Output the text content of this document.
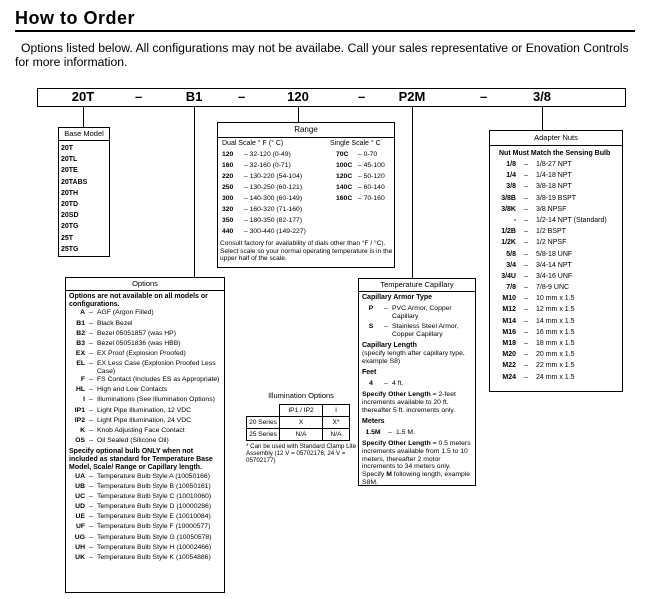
How to Order
Options listed below. All configurations may not be availabe. Call your sales representative or Enovation Controls
for more information.
20T	–	B1	–	120	–	P2M	–	3/8
Base Model
20T
20TL
20TE
20TABS
20TH
20TD
20SD
20TG
25T
25TG
Range
Dual Scale ° F (° C)	Single Scale ° C
120 – 32-120 (0-49)
160 – 32-160 (0-71)
220 – 130-220 (54-104)
250 – 130-250 (60-121)
300 – 140-300 (60-149)
320 – 160-320 (71-160)
350 – 180-350 (82-177)
440 – 300-440 (149-227)
70C – 0-70
100C – 45-100
120C – 50-120
140C – 60-140
160C – 70-160
Consult factory for availability of dials other than °F / °C). Select scale so your normal operating temperature is in the upper half of the scale.
Adapter Nuts
Nut Must Match the Sensing Bulb
1/8	–	1/8-27 NPT
1/4	–	1/4-18 NPT
3/8	–	3/8-18 NPT
3/8B	–	3/8-19 BSPT
3/8K	–	3/8 NPSF
-	–	1/2-14 NPT (Standard)
1/2B	–	1/2 BSPT
1/2K	–	1/2 NPSF
5/8	–	5/8-18 UNF
3/4	–	3/4-14 NPT
3/4U	–	3/4-16 UNF
7/8	–	7/8-9 UNC
M10	–	10 mm x 1.5
M12	–	12 mm x 1.5
M14	–	14 mm x 1.5
M16	–	16 mm x 1.5
M18	–	18 mm x 1.5
M20	–	20 mm x 1.5
M22	–	22 mm x 1.5
M24	–	24 mm x 1.5
Options
Options are not available on all models or configurations.
A – AGF (Argon Filled)
B1 – Black Bezel
B2 – Bezel 05051857 (was HP)
B3 – Bezel 05051836 (was HBB)
EX – EX Proof (Explosion Proofed)
EL – EX Less Case (Explosion Proofed Less Case)
F – FS Contact (Includes ES as Appropriate)
HL – High and Low Contacts
I – Illuminations (See Illumination Options)
IP1 – Light Pipe Illumination, 12 VDC
IP2 – Light Pipe Illumination, 24 VDC
K – Knob Adjusting Face Contact
OS – Oil Sealed (Silicone Oil)
Specify optional bulb ONLY when not included as standard for Temperature Base Model, Scale/ Range or Capillary length.
UA – Temperature Bulb Style A (10050166)
UB – Temperature Bulb Style B (10050161)
UC – Temperature Bulb Style C (10010060)
UD – Temperature Bulb Style D (10000286)
UE – Temperature Bulb Style E (10010084)
UF – Temperature Bulb Style F (10000577)
UG – Temperature Bulb Style G (10050578)
UH – Temperature Bulb Style H (10002466)
UK – Temperature Bulb Style K (10054886)
Illumination Options
	IP1 / IP2	I
20 Series	X	X*
25 Series	N/A	N/A
* Can be used with Standard Clamp Lite Assembly (12 V = 05702176; 24 V = 05702177)
Temperature Capillary
Capillary Armor Type
P	– PVC Armor, Copper Capillary
S	– Stainless Steel Armor, Copper Capillary
Capillary Length
(specify length after capillary type, example S8)
Feet
4	– 4 ft.
Specify Other Length = 2-feet increments available to 20 ft. thereafter 5 ft. increments only.
Meters
1.5M	– 1.5 M.
Specify Other Length = 0.5 meters increments available from 1.5 to 10 meters, thereafter 2 motor increments to 34 meters only. Specify M following length, example S8M.
